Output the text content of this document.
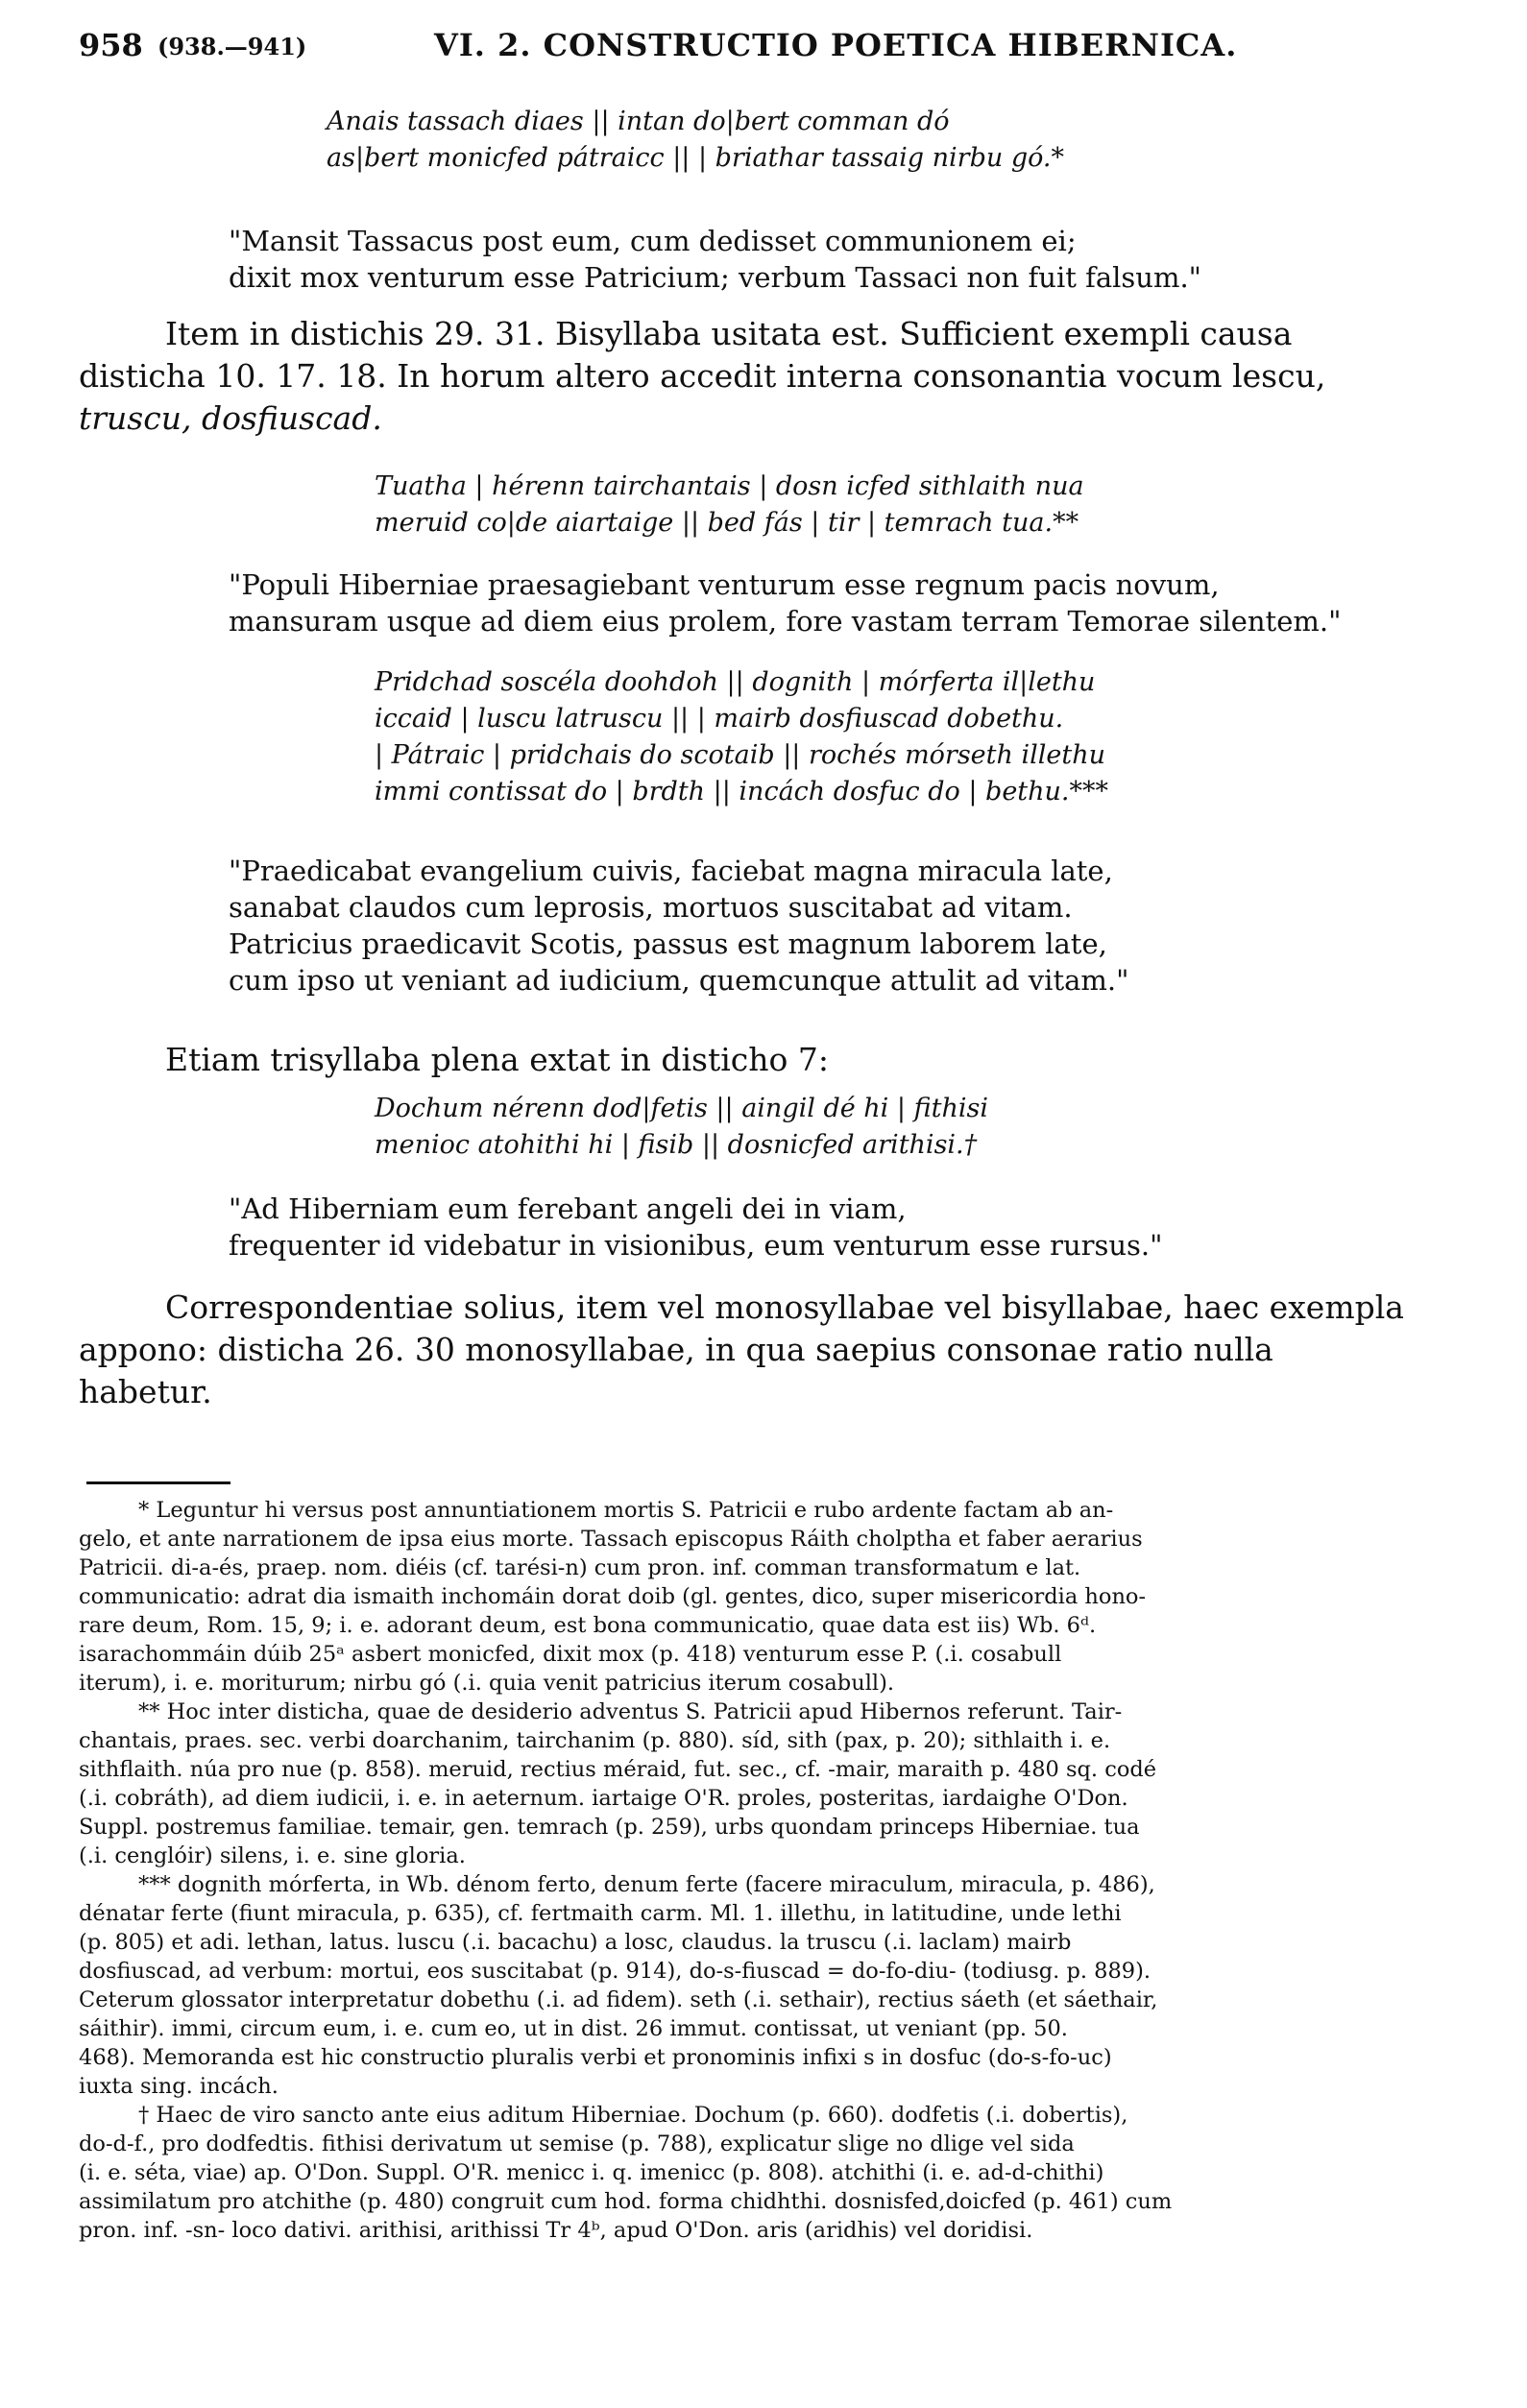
958 (938.—941)	VI. 2. CONSTRUCTIO POETICA HIBERNICA.
Anais tassach diaes || intan do|bert comman dó
as|bert monicfed pátraicc || | briathar tassaig nirbu gó.*
"Mansit Tassacus post eum, cum dedisset communionem ei;
dixit mox venturum esse Patricium; verbum Tassaci non fuit falsum."
Item in distichis 29. 31. Bisyllaba usitata est. Sufficient exempli causa
disticha 10. 17. 18. In horum altero accedit interna consonantia vocum lescu,
truscu, dosfiuscad.
Tuatha | hérenn tairchantais | dosn icfed sithlaith nua
meruid co|de aiartaige || bed fás | tir | temrach tua.**
"Populi Hiberniae praesagiebant venturum esse regnum pacis novum,
mansuram usque ad diem eius prolem, fore vastam terram Temorae silentem."
Pridchad soscéla doohdoh || dognith | mórferta il|lethu
iccaid | luscu latruscu || | mairb dosfiuscad dobethu.
| Pátraic | pridchais do scotaib || rochés mórseth illethu
immi contissat do | brdth || incách dosfuc do | bethu.***
"Praedicabat evangelium cuivis, faciebat magna miracula late,
sanabat claudos cum leprosis, mortuos suscitabat ad vitam.
Patricius praedicavit Scotis, passus est magnum laborem late,
cum ipso ut veniant ad iudicium, quemcunque attulit ad vitam."
Etiam trisyllaba plena extat in disticho 7:
Dochum nérenn dod|fetis || aingil dé hi | fithisi
menioc atohithi hi | fisib || dosnicfed arithisi.†
"Ad Hiberniam eum ferebant angeli dei in viam,
frequenter id videbatur in visionibus, eum venturum esse rursus."
Correspondentiae solius, item vel monosyllabae vel bisyllabae, haec exempla
appono: disticha 26. 30 monosyllabae, in qua saepius consonae ratio nulla
habetur.
* Leguntur hi versus post annuntiationem mortis S. Patricii e rubo ardente factam ab an-
gelo, et ante narrationem de ipsa eius morte. Tassach episcopus Ráith cholptha et faber aerarius
Patricii. di-a-és, praep. nom. diéis (cf. tarési-n) cum pron. inf. comman transformatum e lat.
communicatio: adrat dia ismaith inchomáin dorat doib (gl. gentes, dico, super misericordia hono-
rare deum, Rom. 15, 9; i. e. adorant deum, est bona communicatio, quae data est iis) Wb. 6ᵈ.
isarachommáin dúib 25ᵃ asbert monicfed, dixit mox (p. 418) venturum esse P. (.i. cosabull
iterum), i. e. moriturum; nirbu gó (.i. quia venit patricius iterum cosabull).
** Hoc inter disticha, quae de desiderio adventus S. Patricii apud Hibernos referunt. Tair-
chantais, praes. sec. verbi doarchanim, tairchanim (p. 880). síd, sith (pax, p. 20); sithlaith i. e.
sithflaith. núa pro nue (p. 858). meruid, rectius méraid, fut. sec., cf. -mair, maraith p. 480 sq. codé
(.i. cobráth), ad diem iudicii, i. e. in aeternum. iartaige O'R. proles, posteritas, iardaighe O'Don.
Suppl. postremus familiae. temair, gen. temrach (p. 259), urbs quondam princeps Hiberniae. tua
(.i. cenglóir) silens, i. e. sine gloria.
*** dognith mórferta, in Wb. dénom ferto, denum ferte (facere miraculum, miracula, p. 486),
dénatar ferte (fiunt miracula, p. 635), cf. fertmaith carm. Ml. 1. illethu, in latitudine, unde lethi
(p. 805) et adi. lethan, latus. luscu (.i. bacachu) a losc, claudus. la truscu (.i. laclam) mairb
dosfiuscad, ad verbum: mortui, eos suscitabat (p. 914), do-s-fiuscad = do-fo-diu- (todiusg. p. 889).
Ceterum glossator interpretatur dobethu (.i. ad fidem). seth (.i. sethair), rectius sáeth (et sáethair,
sáithir). immi, circum eum, i. e. cum eo, ut in dist. 26 immut. contissat, ut veniant (pp. 50.
468). Memoranda est hic constructio pluralis verbi et pronominis infixi s in dosfuc (do-s-fo-uc)
iuxta sing. incách.
† Haec de viro sancto ante eius aditum Hiberniae. Dochum (p. 660). dodfetis (.i. dobertis),
do-d-f., pro dodfedtis. fithisi derivatum ut semise (p. 788), explicatur slige no dlige vel sida
(i. e. séta, viae) ap. O'Don. Suppl. O'R. menicc i. q. imenicc (p. 808). atchithi (i. e. ad-d-chithi)
assimilatum pro atchithe (p. 480) congruit cum hod. forma chidhthi. dosnisfed,doicfed (p. 461) cum
pron. inf. -sn- loco dativi. arithisi, arithissi Tr 4ᵇ, apud O'Don. aris (aridhis) vel doridisi.
